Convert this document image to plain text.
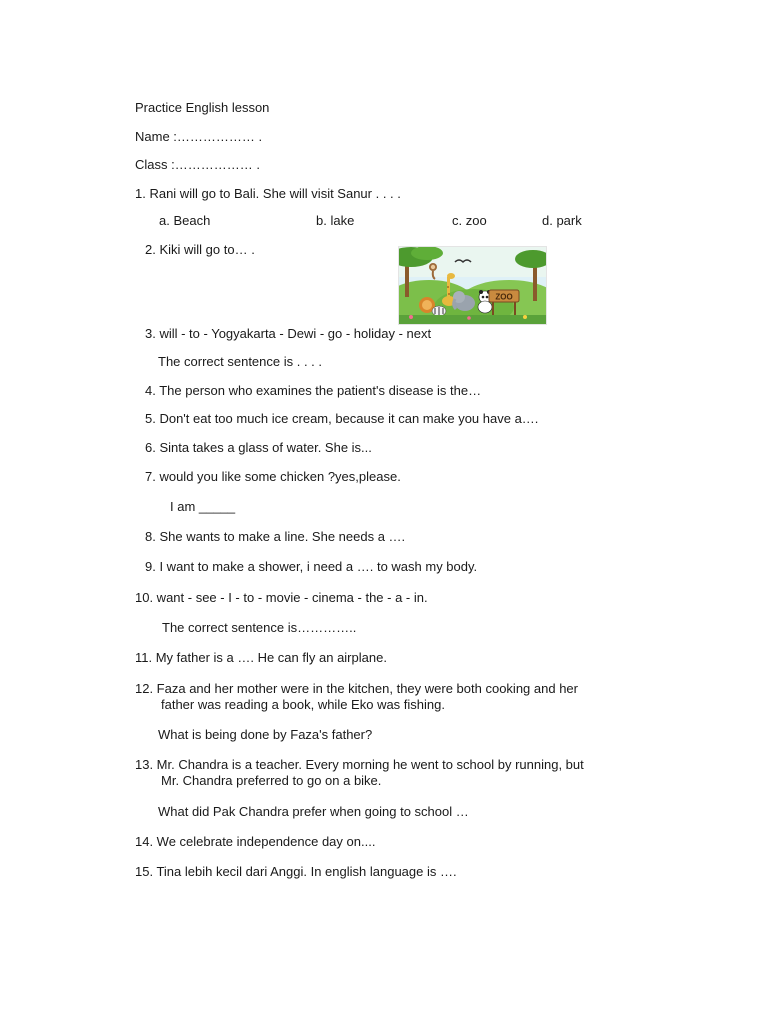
Practice English lesson
Name :……………… .
Class :……………… .
1. Rani will go to Bali. She will visit Sanur . . . .
a. Beach	b. lake	c. zoo	d. park
2. Kiki will go to… .
ZOO
3. will - to - Yogyakarta - Dewi - go - holiday - next
The correct sentence is . . . .
4. The person who examines the patient's disease is the…
5. Don't eat too much ice cream, because it can make you have a….
6. Sinta takes a glass of water. She is...
7. would you like some chicken ?yes,please.
I am _____
8. She wants to make a line. She needs a ….
9. I want to make a shower, i need a …. to wash my body.
10. want - see - I - to - movie - cinema - the - a - in.
The correct sentence is…………..
11. My father is a …. He can fly an airplane.
12. Faza and her mother were in the kitchen, they were both cooking and her
father was reading a book, while Eko was fishing.
What is being done by Faza's father?
13. Mr. Chandra is a teacher. Every morning he went to school by running, but
Mr. Chandra preferred to go on a bike.
What did Pak Chandra prefer when going to school …
14. We celebrate independence day on....
15. Tina lebih kecil dari Anggi. In english language is ….
